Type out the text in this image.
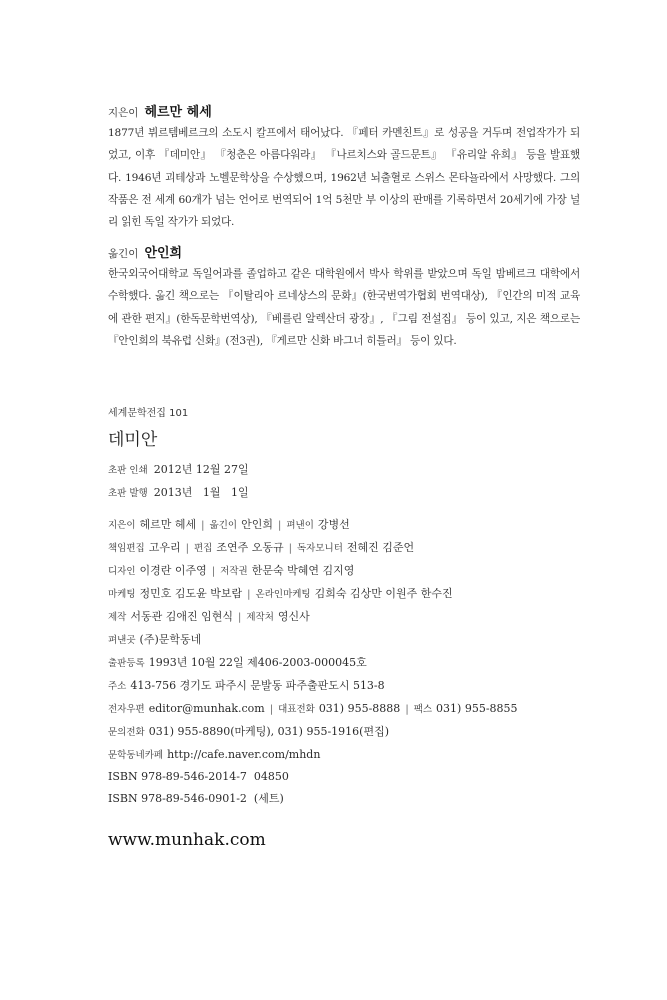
지은이 헤르만 헤세

1877년 뷔르템베르크의 소도시 칼프에서 태어났다. 『페터 카멘친트』로 성공을 거두며 전업작가가 되었고, 이후 『데미안』 『청춘은 아름다워라』 『나르치스와 골드문트』 『유리알 유희』 등을 발표했다. 1946년 괴테상과 노벨문학상을 수상했으며, 1962년 뇌출혈로 스위스 몬타뇰라에서 사망했다. 그의 작품은 전 세계 60개가 넘는 언어로 번역되어 1억 5천만 부 이상의 판매를 기록하면서 20세기에 가장 널리 읽힌 독일 작가가 되었다.

옮긴이 안인희

한국외국어대학교 독일어과를 졸업하고 같은 대학원에서 박사 학위를 받았으며 독일 밤베르크 대학에서 수학했다. 옮긴 책으로는 『이탈리아 르네상스의 문화』(한국번역가협회 번역대상), 『인간의 미적 교육에 관한 편지』(한독문학번역상), 『베를린 알렉산더 광장』, 『그림 전설집』 등이 있고, 지은 책으로는 『안인희의 북유럽 신화』(전3권), 『게르만 신화 바그너 히틀러』 등이 있다.

세계문학전집 101
데미안
초판 인쇄 2012년 12월 27일
초판 발행 2013년   1월   1일
지은이 헤르만 헤세 | 옮긴이 안인희 | 펴낸이 강병선
책임편집 고우리 | 편집 조연주 오동규 | 독자모니터 전혜진 김준언
디자인 이경란 이주영 | 저작권 한문숙 박혜연 김지영
마케팅 정민호 김도윤 박보람 | 온라인마케팅 김희숙 김상만 이원주 한수진
제작 서동관 김애진 임현식 | 제작처 영신사
펴낸곳 (주)문학동네
출판등록 1993년 10월 22일 제406-2003-000045호
주소 413-756 경기도 파주시 문발동 파주출판도시 513-8
전자우편 editor@munhak.com | 대표전화 031) 955-8888 | 팩스 031) 955-8855
문의전화 031) 955-8890(마케팅), 031) 955-1916(편집)
문학동네카페 http://cafe.naver.com/mhdn
ISBN 978-89-546-2014-7  04850
ISBN 978-89-546-0901-2  (세트)
www.munhak.com
